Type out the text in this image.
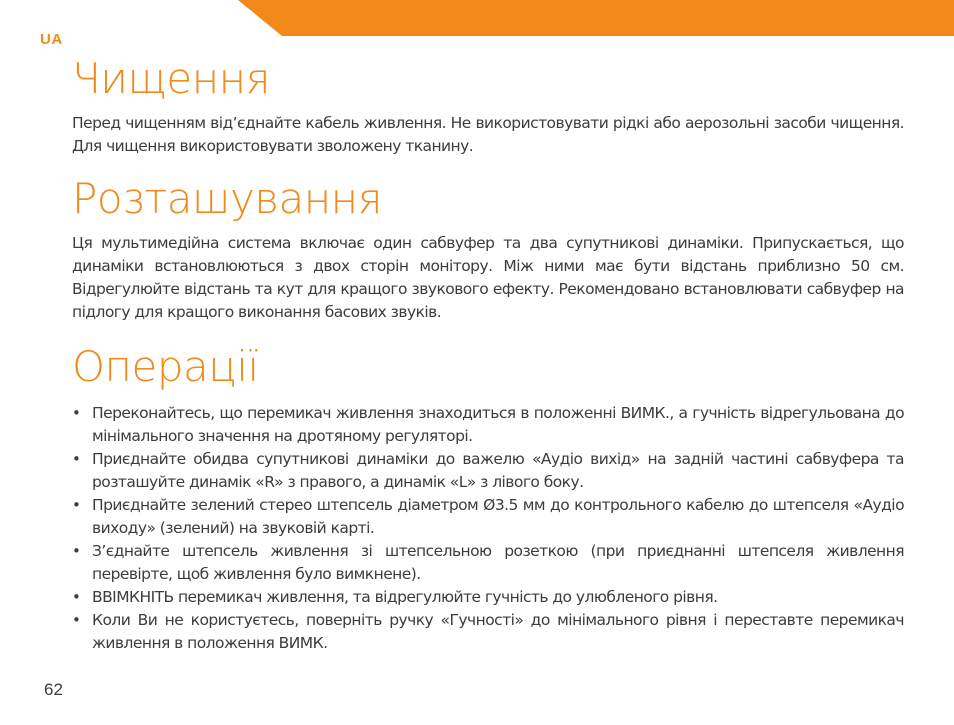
UA
Чищення

Перед чищенням від’єднайте кабель живлення. Не використовувати рідкі або аерозольні засоби чищення. Для чищення використовувати зволожену тканину.

Розташування

Ця мультимедійна система включає один сабвуфер та два супутникові динаміки. Припускається, що динаміки встановлюються з двох сторін монітору. Між ними має бути відстань приблизно 50 см. Відрегулюйте відстань та кут для кращого звукового ефекту. Рекомендовано встановлювати сабвуфер на підлогу для кращого виконання басових звуків.

Операції
• Переконайтесь, що перемикач живлення знаходиться в положенні ВИМК., а гучність відрегульована до мінімального значення на дротяному регуляторі.
• Приєднайте обидва супутникові динаміки до важелю «Аудіо вихід» на задній частині сабвуфера та розташуйте динамік «R» з правого, а динамік «L» з лівого боку.
• Приєднайте зелений стерео штепсель діаметром Ø3.5 мм до контрольного кабелю до штепселя «Аудіо виходу» (зелений) на звуковій карті.
• З’єднайте штепсель живлення зі штепсельною розеткою (при приєднанні штепселя живлення перевірте, щоб живлення було вимкнене).
• ВВІМКНІТЬ перемикач живлення, та відрегулюйте гучність до улюбленого рівня.
• Коли Ви не користуєтесь, поверніть ручку «Гучності» до мінімального рівня і переставте перемикач живлення в положення ВИМК.
62
